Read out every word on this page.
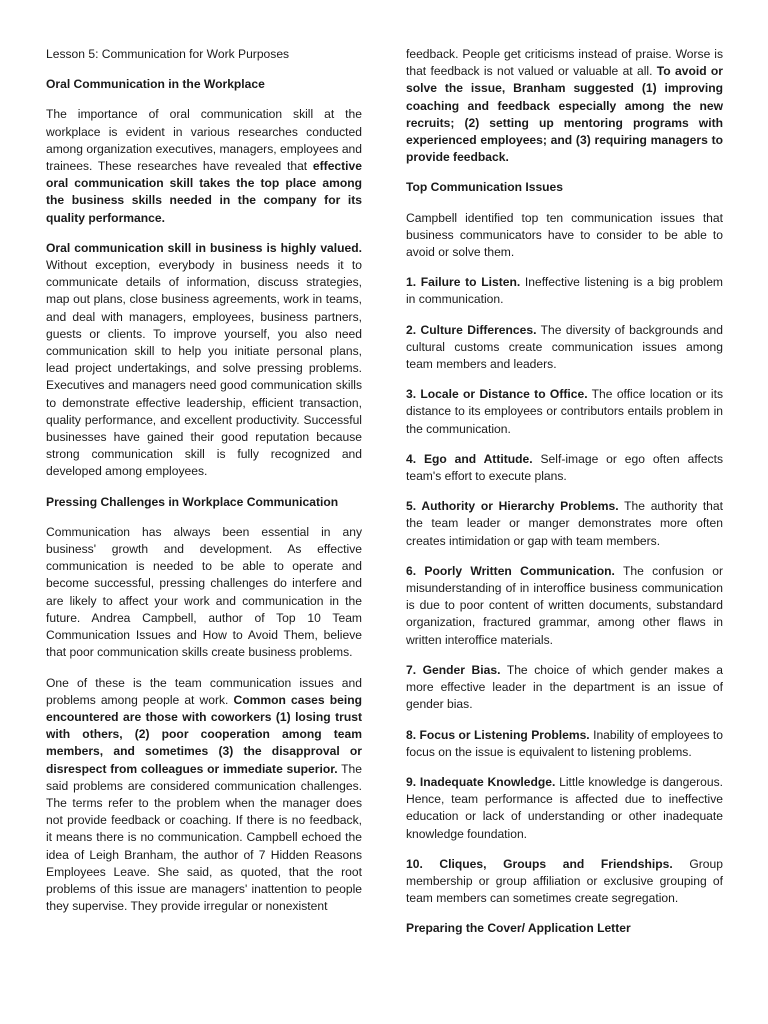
Lesson 5: Communication for Work Purposes

Oral Communication in the Workplace

The importance of oral communication skill at the workplace is evident in various researches conducted among organization executives, managers, employees and trainees. These researches have revealed that effective oral communication skill takes the top place among the business skills needed in the company for its quality performance.

Oral communication skill in business is highly valued. Without exception, everybody in business needs it to communicate details of information, discuss strategies, map out plans, close business agreements, work in teams, and deal with managers, employees, business partners, guests or clients. To improve yourself, you also need communication skill to help you initiate personal plans, lead project undertakings, and solve pressing problems. Executives and managers need good communication skills to demonstrate effective leadership, efficient transaction, quality performance, and excellent productivity. Successful businesses have gained their good reputation because strong communication skill is fully recognized and developed among employees.

Pressing Challenges in Workplace Communication

Communication has always been essential in any business' growth and development. As effective communication is needed to be able to operate and become successful, pressing challenges do interfere and are likely to affect your work and communication in the future. Andrea Campbell, author of Top 10 Team Communication Issues and How to Avoid Them, believe that poor communication skills create business problems.

One of these is the team communication issues and problems among people at work. Common cases being encountered are those with coworkers (1) losing trust with others, (2) poor cooperation among team members, and sometimes (3) the disapproval or disrespect from colleagues or immediate superior. The said problems are considered communication challenges. The terms refer to the problem when the manager does not provide feedback or coaching. If there is no feedback, it means there is no communication. Campbell echoed the idea of Leigh Branham, the author of 7 Hidden Reasons Employees Leave. She said, as quoted, that the root problems of this issue are managers' inattention to people they supervise. They provide irregular or nonexistent

feedback. People get criticisms instead of praise. Worse is that feedback is not valued or valuable at all. To avoid or solve the issue, Branham suggested (1) improving coaching and feedback especially among the new recruits; (2) setting up mentoring programs with experienced employees; and (3) requiring managers to provide feedback.

Top Communication Issues

Campbell identified top ten communication issues that business communicators have to consider to be able to avoid or solve them.

1. Failure to Listen. Ineffective listening is a big problem in communication.

2. Culture Differences. The diversity of backgrounds and cultural customs create communication issues among team members and leaders.

3. Locale or Distance to Office. The office location or its distance to its employees or contributors entails problem in the communication.

4. Ego and Attitude. Self-image or ego often affects team's effort to execute plans.

5. Authority or Hierarchy Problems. The authority that the team leader or manger demonstrates more often creates intimidation or gap with team members.

6. Poorly Written Communication. The confusion or misunderstanding of in interoffice business communication is due to poor content of written documents, substandard organization, fractured grammar, among other flaws in written interoffice materials.

7. Gender Bias. The choice of which gender makes a more effective leader in the department is an issue of gender bias.

8. Focus or Listening Problems. Inability of employees to focus on the issue is equivalent to listening problems.

9. Inadequate Knowledge. Little knowledge is dangerous. Hence, team performance is affected due to ineffective education or lack of understanding or other inadequate knowledge foundation.

10. Cliques, Groups and Friendships. Group membership or group affiliation or exclusive grouping of team members can sometimes create segregation.

Preparing the Cover/ Application Letter
